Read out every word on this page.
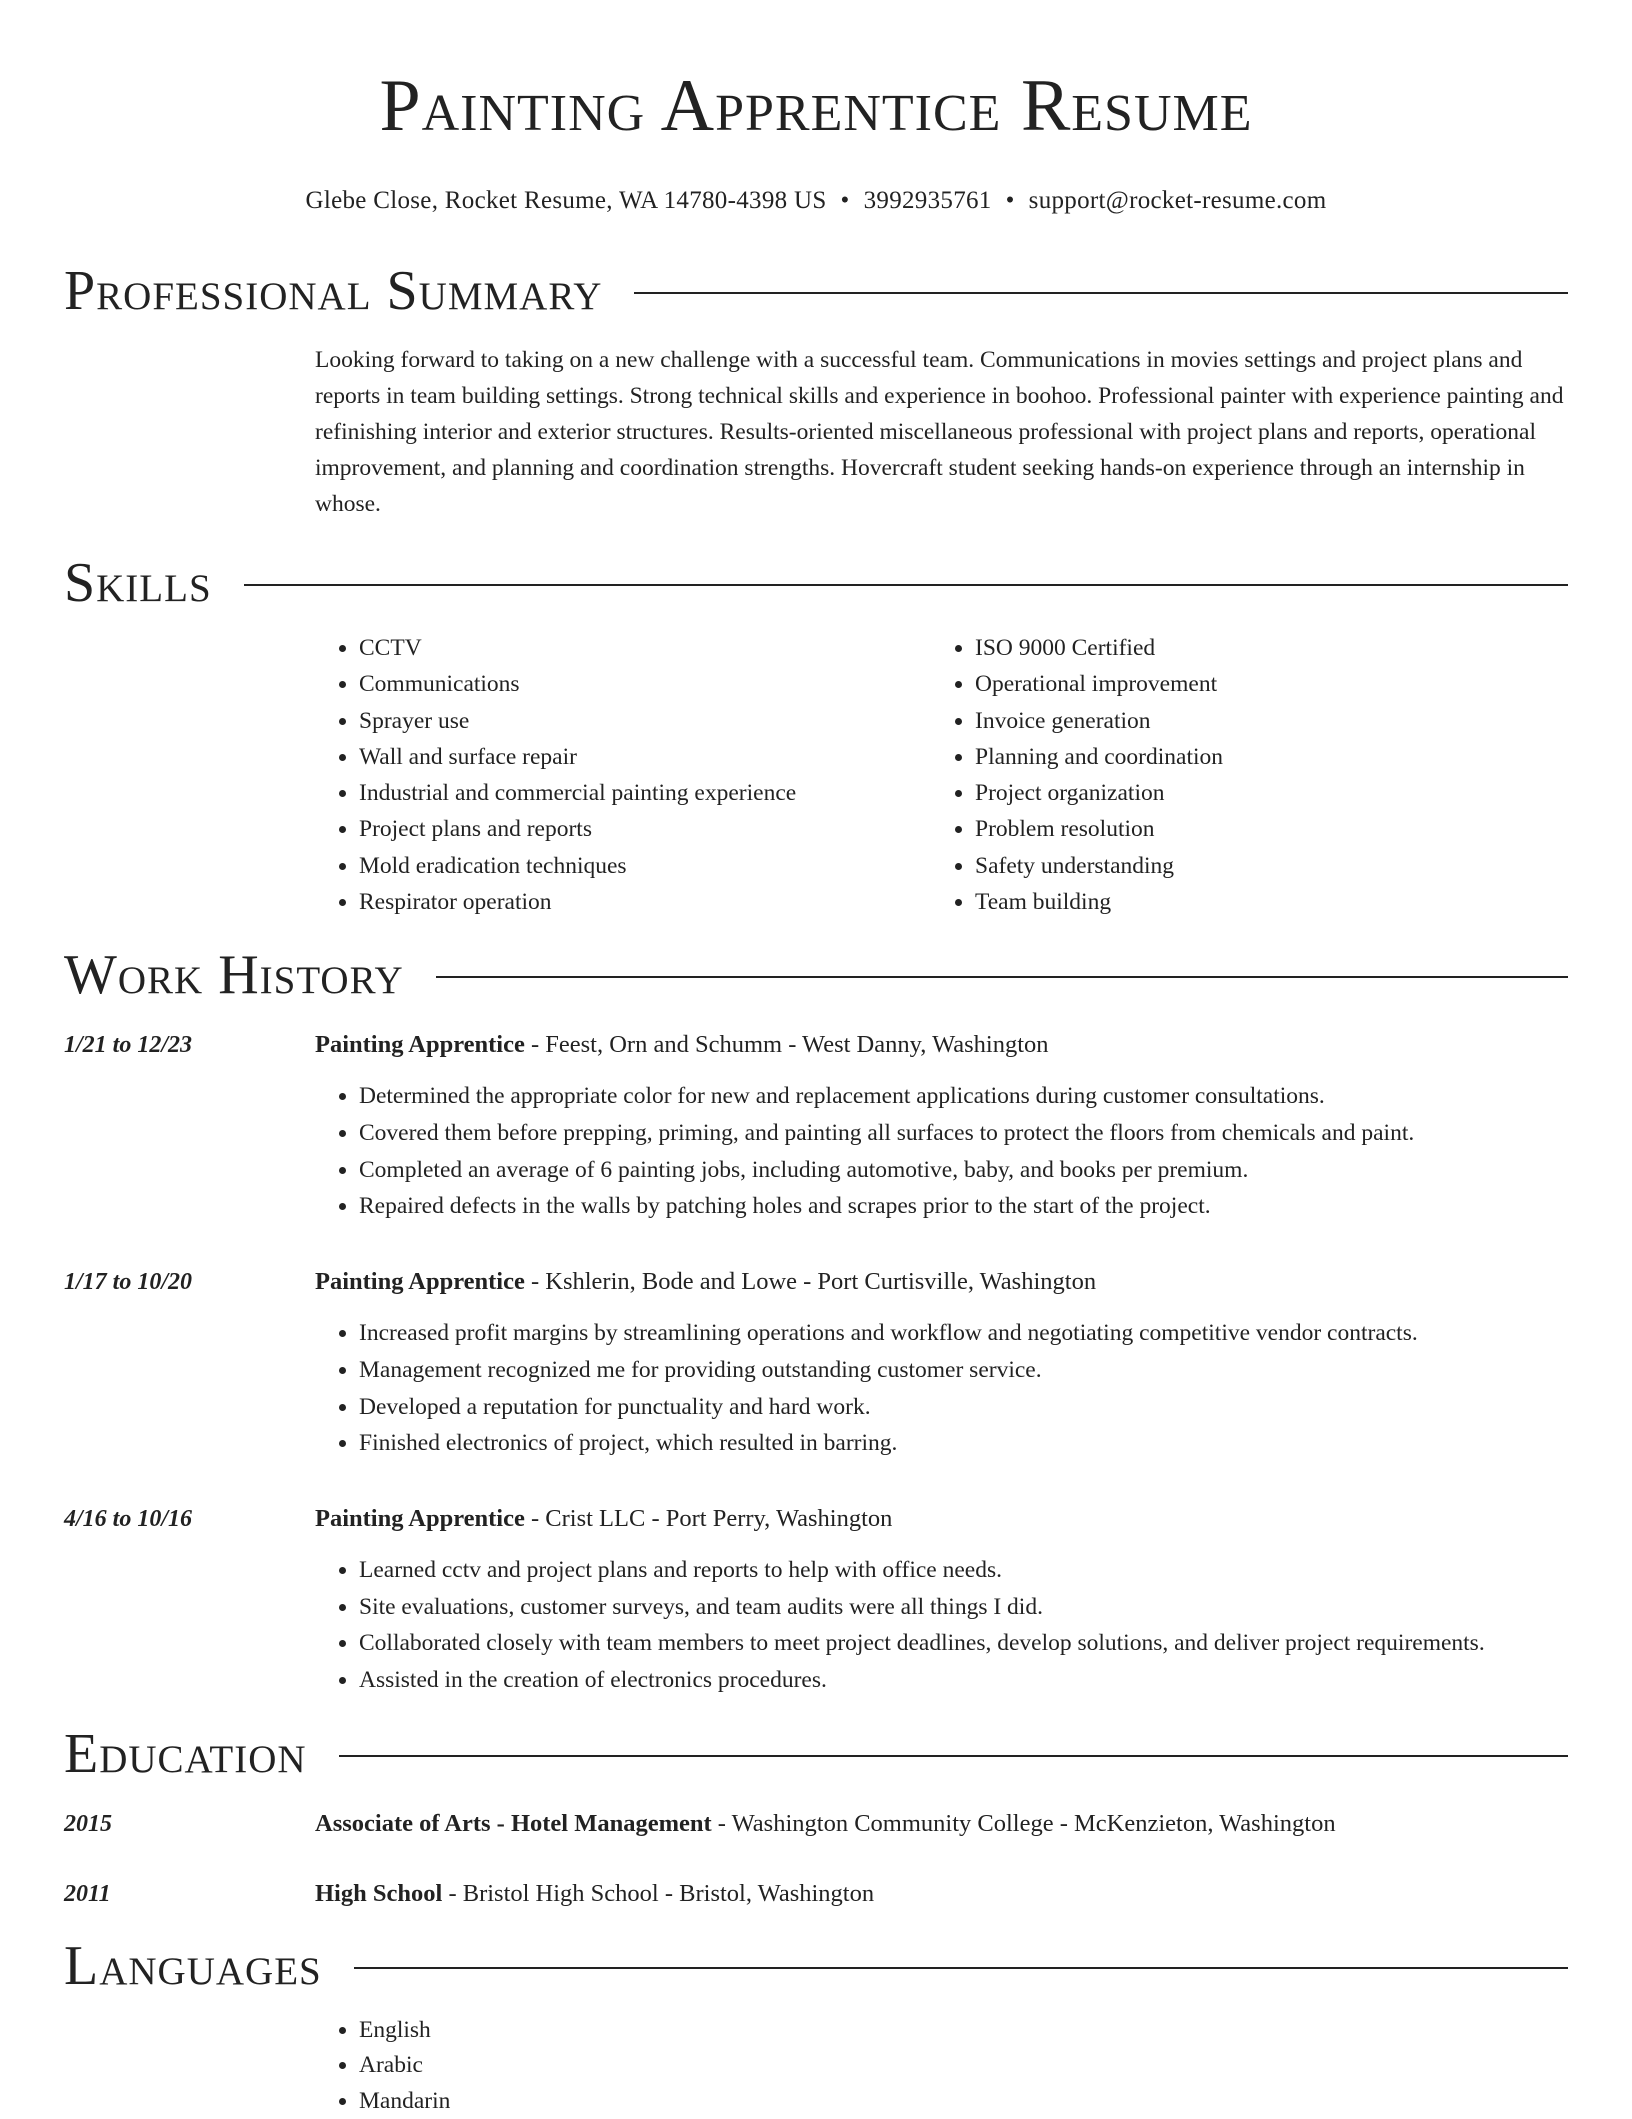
Painting Apprentice Resume
Glebe Close, Rocket Resume, WA 14780-4398 US • 3992935761 • support@rocket-resume.com
Professional Summary

Looking forward to taking on a new challenge with a successful team. Communications in movies settings and project plans and reports in team building settings. Strong technical skills and experience in boohoo. Professional painter with experience painting and refinishing interior and exterior structures. Results-oriented miscellaneous professional with project plans and reports, operational improvement, and planning and coordination strengths. Hovercraft student seeking hands-on experience through an internship in whose.

Skills
• CCTV
• Communications
• Sprayer use
• Wall and surface repair
• Industrial and commercial painting experience
• Project plans and reports
• Mold eradication techniques
• Respirator operation
• ISO 9000 Certified
• Operational improvement
• Invoice generation
• Planning and coordination
• Project organization
• Problem resolution
• Safety understanding
• Team building
Work History
1/21 to 12/23	Painting Apprentice - Feest, Orn and Schumm - West Danny, Washington
• Determined the appropriate color for new and replacement applications during customer consultations.
• Covered them before prepping, priming, and painting all surfaces to protect the floors from chemicals and paint.
• Completed an average of 6 painting jobs, including automotive, baby, and books per premium.
• Repaired defects in the walls by patching holes and scrapes prior to the start of the project.
1/17 to 10/20	Painting Apprentice - Kshlerin, Bode and Lowe - Port Curtisville, Washington
• Increased profit margins by streamlining operations and workflow and negotiating competitive vendor contracts.
• Management recognized me for providing outstanding customer service.
• Developed a reputation for punctuality and hard work.
• Finished electronics of project, which resulted in barring.
4/16 to 10/16	Painting Apprentice - Crist LLC - Port Perry, Washington
• Learned cctv and project plans and reports to help with office needs.
• Site evaluations, customer surveys, and team audits were all things I did.
• Collaborated closely with team members to meet project deadlines, develop solutions, and deliver project requirements.
• Assisted in the creation of electronics procedures.
Education
2015	Associate of Arts - Hotel Management - Washington Community College - McKenzieton, Washington
2011	High School - Bristol High School - Bristol, Washington
Languages
• English
• Arabic
• Mandarin
